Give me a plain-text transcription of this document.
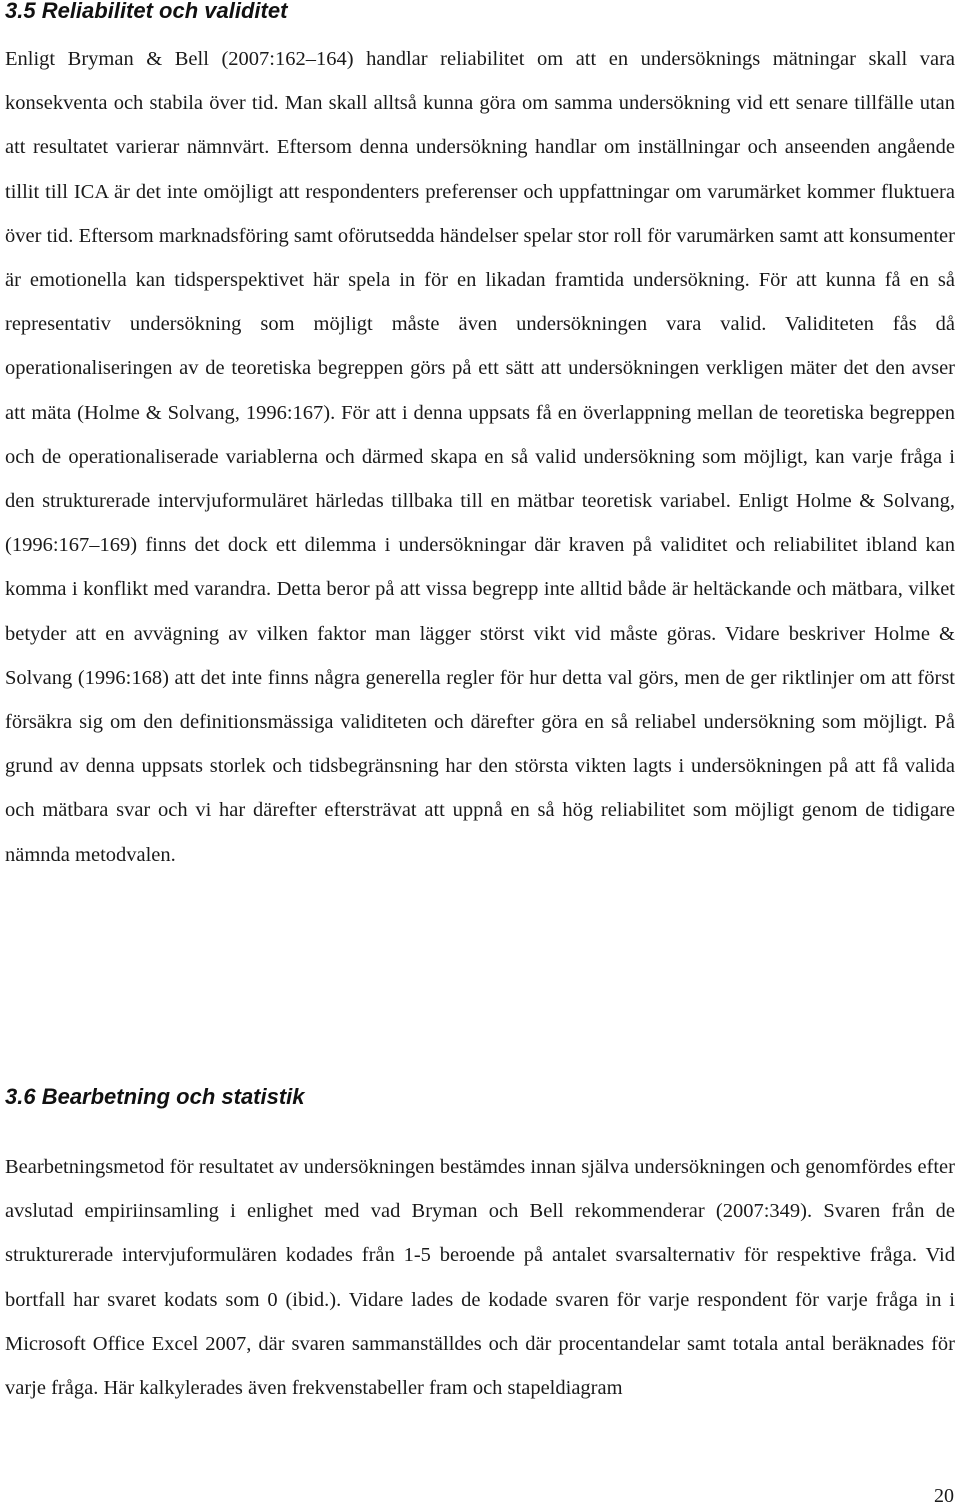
3.5 Reliabilitet och validitet

Enligt Bryman & Bell (2007:162–164) handlar reliabilitet om att en undersöknings mätningar skall vara konsekventa och stabila över tid. Man skall alltså kunna göra om samma undersökning vid ett senare tillfälle utan att resultatet varierar nämnvärt. Eftersom denna undersökning handlar om inställningar och anseenden angående tillit till ICA är det inte omöjligt att respondenters preferenser och uppfattningar om varumärket kommer fluktuera över tid. Eftersom marknadsföring samt oförutsedda händelser spelar stor roll för varumärken samt att konsumenter är emotionella kan tidsperspektivet här spela in för en likadan framtida undersökning. För att kunna få en så representativ undersökning som möjligt måste även undersökningen vara valid. Validiteten fås då operationaliseringen av de teoretiska begreppen görs på ett sätt att undersökningen verkligen mäter det den avser att mäta (Holme & Solvang, 1996:167). För att i denna uppsats få en överlappning mellan de teoretiska begreppen och de operationaliserade variablerna och därmed skapa en så valid undersökning som möjligt, kan varje fråga i den strukturerade intervjuformuläret härledas tillbaka till en mätbar teoretisk variabel. Enligt Holme & Solvang, (1996:167–169) finns det dock ett dilemma i undersökningar där kraven på validitet och reliabilitet ibland kan komma i konflikt med varandra. Detta beror på att vissa begrepp inte alltid både är heltäckande och mätbara, vilket betyder att en avvägning av vilken faktor man lägger störst vikt vid måste göras. Vidare beskriver Holme & Solvang (1996:168) att det inte finns några generella regler för hur detta val görs, men de ger riktlinjer om att först försäkra sig om den definitionsmässiga validiteten och därefter göra en så reliabel undersökning som möjligt. På grund av denna uppsats storlek och tidsbegränsning har den största vikten lagts i undersökningen på att få valida och mätbara svar och vi har därefter eftersträvat att uppnå en så hög reliabilitet som möjligt genom de tidigare nämnda metodvalen.

3.6 Bearbetning och statistik

Bearbetningsmetod för resultatet av undersökningen bestämdes innan själva undersökningen och genomfördes efter avslutad empiriinsamling i enlighet med vad Bryman och Bell rekommenderar (2007:349). Svaren från de strukturerade intervjuformulären kodades från 1-5 beroende på antalet svarsalternativ för respektive fråga. Vid bortfall har svaret kodats som 0 (ibid.). Vidare lades de kodade svaren för varje respondent för varje fråga in i Microsoft Office Excel 2007, där svaren sammanställdes och där procentandelar samt totala antal beräknades för varje fråga. Här kalkylerades även frekvenstabeller fram och stapeldiagram

20
